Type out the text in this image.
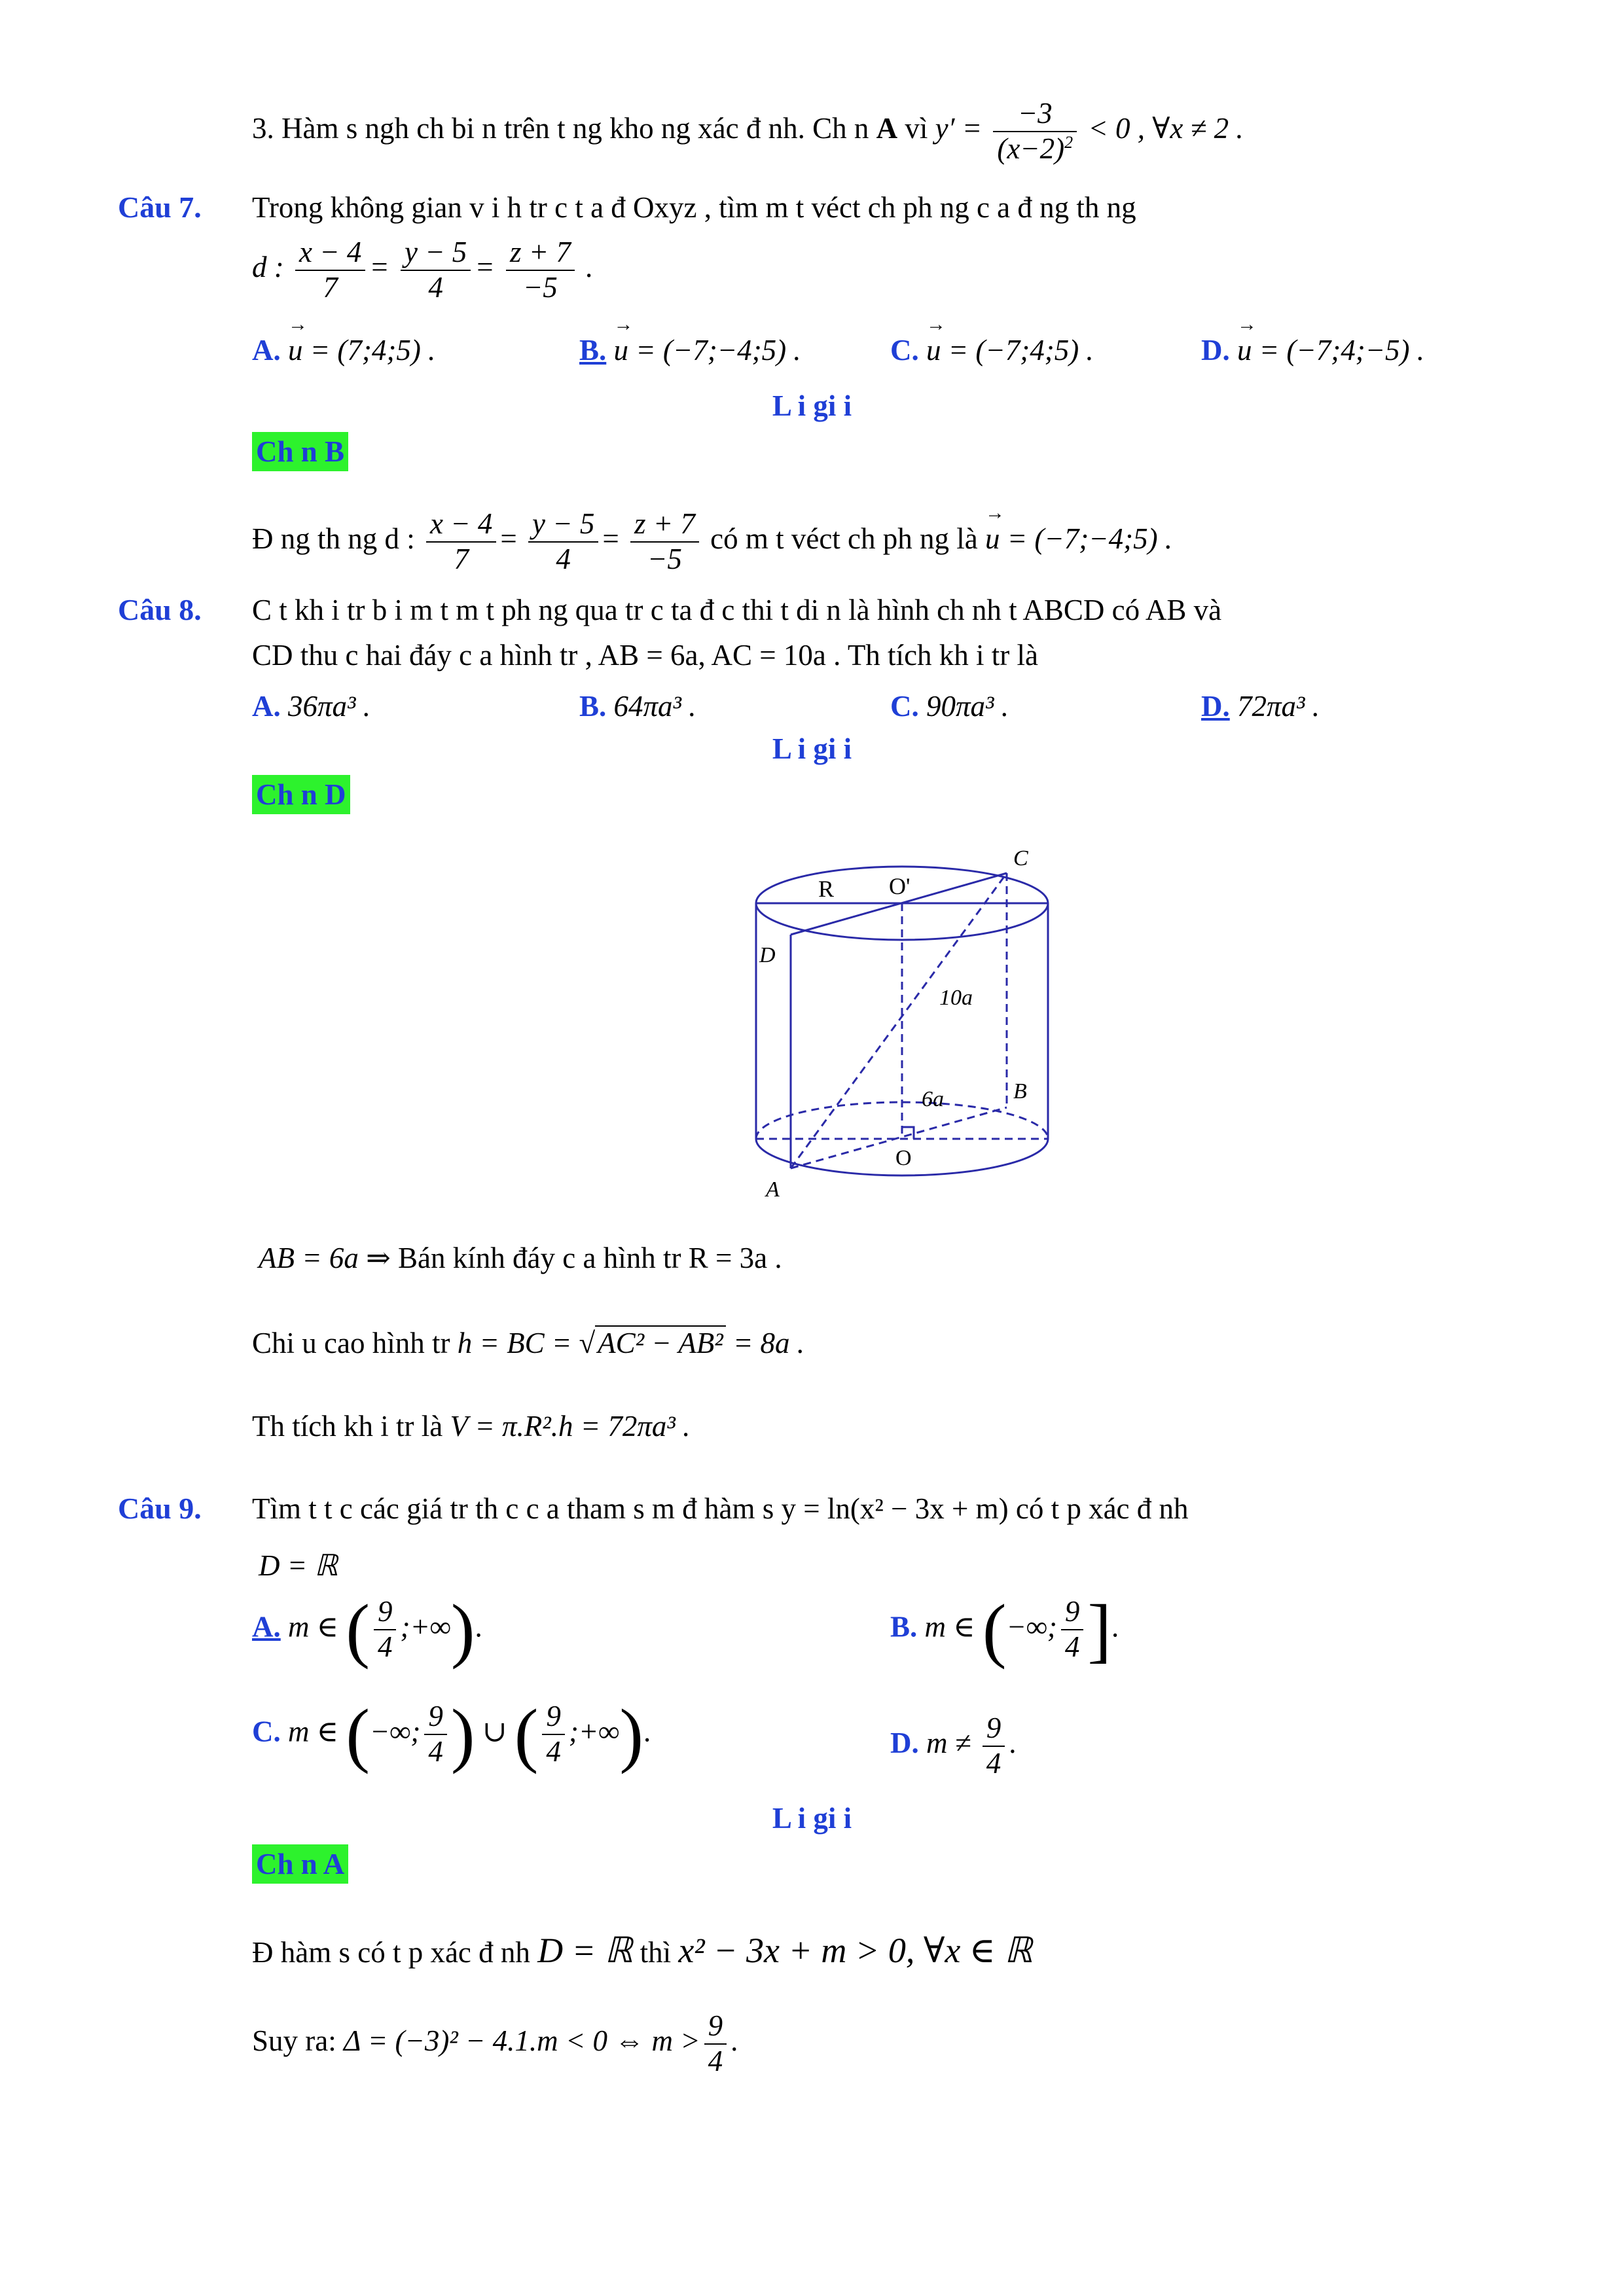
3. Hàm s ngh ch bi n trên t ng kho ng xác đ nh. Ch n A vì $y' = \frac{-3}{(x-2)^2} < 0$ , ∀x ≠ 2 .
Câu 7. Trong không gian v i h tr c t a đ Oxyz , tìm m t véct ch ph ng c a đ ng th ng
d : $\frac{x - 4}{7} = \frac{y - 5}{4} = \frac{z + 7}{-5}$ .
A. → u = (7;4;5) .	B. → u = (−7;−4;5) .	C. → u = (−7;4;5) .	D. → u = (−7;4;−5) .
L i gi i
Ch n B
Đ ng th ng d : $\frac{x - 4}{7} = \frac{y - 5}{4} = \frac{z + 7}{-5}$ có m t véct ch ph ng là → u = (−7;−4;5) .
Câu 8. C t kh i tr b i m t m t ph ng qua tr c ta đ c thi t di n là hình ch nh t ABCD có AB và
CD thu c hai đáy c a hình tr , AB = 6a, AC = 10a . Th tích kh i tr là
A. 36πa³ .	B. 64πa³ .	C. 90πa³ .	D. 72πa³ .
L i gi i
Ch n D
R O'
C
D
10a
B
6a
O
A
AB = 6a ⇒ Bán kính đáy c a hình tr R = 3a .
Chi u cao hình tr h = BC = √AC² − AB² = 8a .
Th tích kh i tr là V = π.R².h = 72πa³ .
Câu 9. Tìm t t c các giá tr th c c a tham s m đ hàm s y = ln(x² − 3x + m) có t p xác đ nh
D = ℝ
A. m ∈ ( $\frac{9}{4}$ ;+∞).	B. m ∈ (−∞; $\frac{9}{4}$ ].
C. m ∈ (−∞; $\frac{9}{4}$ ) ∪ ( $\frac{9}{4}$ ;+∞).	D. $m \ne \frac{9}{4}$ .
L i gi i
Ch n A
Đ hàm s có t p xác đ nh D = ℝ thì x² − 3x + m > 0, ∀x ∈ ℝ
Suy ra: Δ = (−3)² − 4.1.m < 0 ⇔ $m > \frac{9}{4}$ .
